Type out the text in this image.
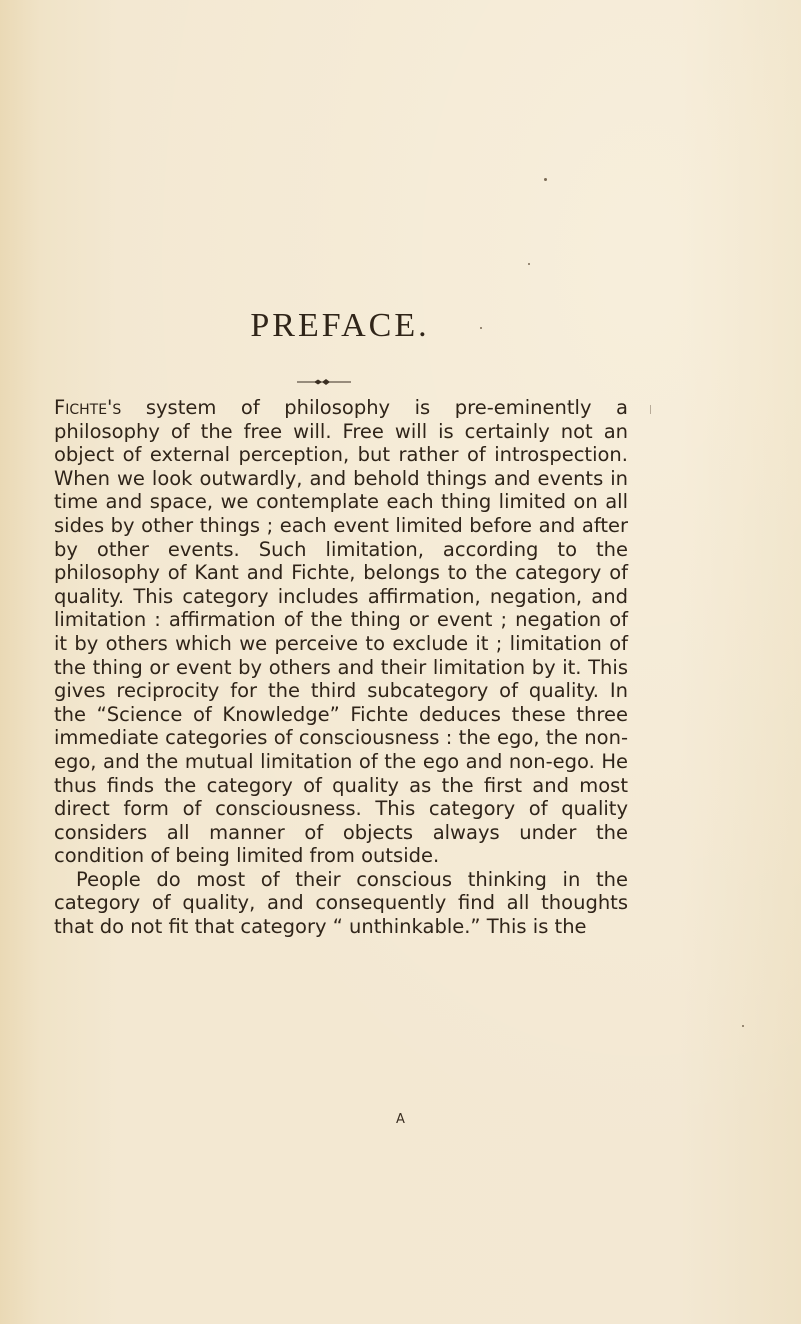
PREFACE.

Fichte's system of philosophy is pre-eminently a philosophy of the free will. Free will is certainly not an object of external perception, but rather of introspection. When we look outwardly, and behold things and events in time and space, we contemplate each thing limited on all sides by other things ; each event limited before and after by other events. Such limitation, according to the philosophy of Kant and Fichte, belongs to the category of quality. This category includes affirmation, negation, and limitation : affirmation of the thing or event ; negation of it by others which we perceive to exclude it ; limitation of the thing or event by others and their limitation by it. This gives reciprocity for the third subcategory of quality. In the “Science of Knowledge” Fichte deduces these three immediate categories of consciousness : the ego, the non-ego, and the mutual limitation of the ego and non-ego. He thus finds the category of quality as the first and most direct form of consciousness. This category of quality considers all manner of objects always under the condition of being limited from outside.

People do most of their conscious thinking in the category of quality, and consequently find all thoughts that do not fit that category “ unthinkable.” This is the

A
